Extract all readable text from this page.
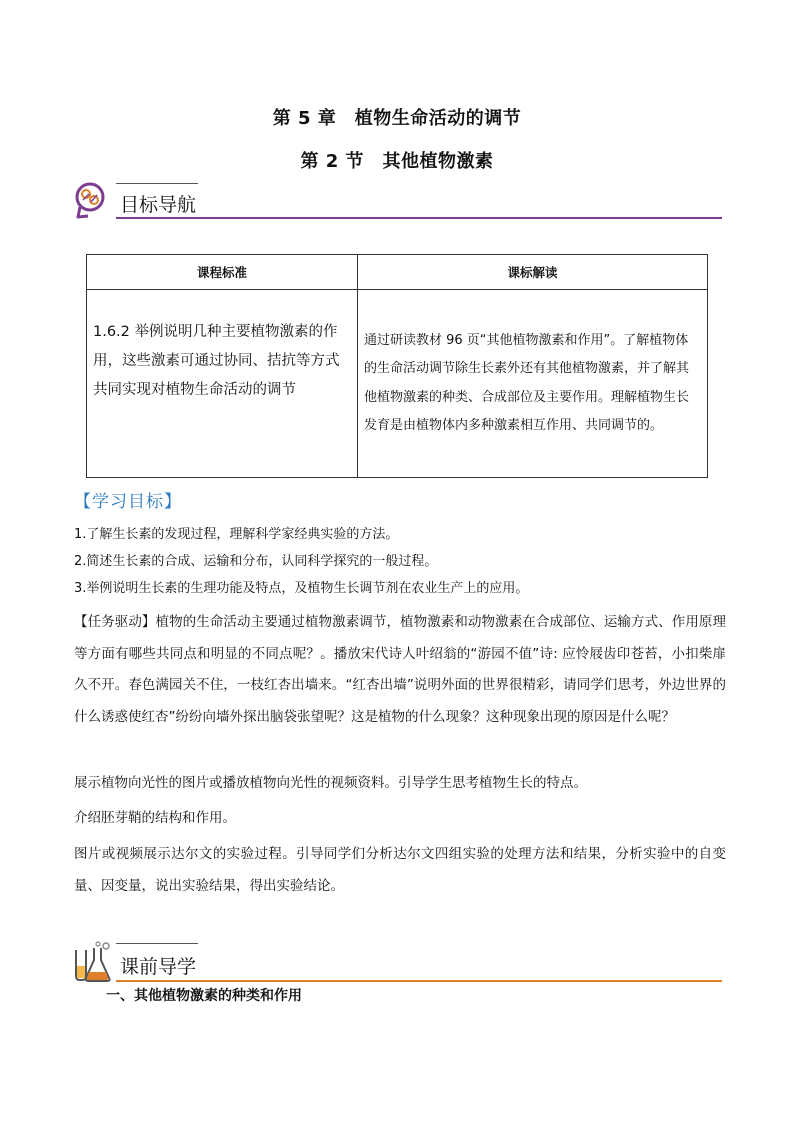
第 5 章　植物生命活动的调节
第 2 节　其他植物激素
目标导航
课程标准	课标解读

1.6.2 举例说明几种主要植物激素的作用，这些激素可通过协同、拮抗等方式共同实现对植物生命活动的调节	通过研读教材 96 页“其他植物激素和作用”。了解植物体的生命活动调节除生长素外还有其他植物激素，并了解其他植物激素的种类、合成部位及主要作用。理解植物生长发育是由植物体内多种激素相互作用、共同调节的。
【学习目标】
1.了解生长素的发现过程，理解科学家经典实验的方法。
2.简述生长素的合成、运输和分布，认同科学探究的一般过程。
3.举例说明生长素的生理功能及特点，及植物生长调节剂在农业生产上的应用。
【任务驱动】植物的生命活动主要通过植物激素调节，植物激素和动物激素在合成部位、运输方式、作用原理等方面有哪些共同点和明显的不同点呢？。播放宋代诗人叶绍翁的“游园不值”诗: 应怜屐齿印苍苔，小扣柴扉久不开。春色满园关不住，一枝红杏出墙来。“红杏出墙”说明外面的世界很精彩，请同学们思考，外边世界的什么诱惑使红杏”纷纷向墙外探出脑袋张望呢？这是植物的什么现象？这种现象出现的原因是什么呢？
展示植物向光性的图片或播放植物向光性的视频资料。引导学生思考植物生长的特点。
介绍胚芽鞘的结构和作用。
图片或视频展示达尔文的实验过程。引导同学们分析达尔文四组实验的处理方法和结果，分析实验中的自变量、因变量，说出实验结果，得出实验结论。
课前导学
一、其他植物激素的种类和作用
